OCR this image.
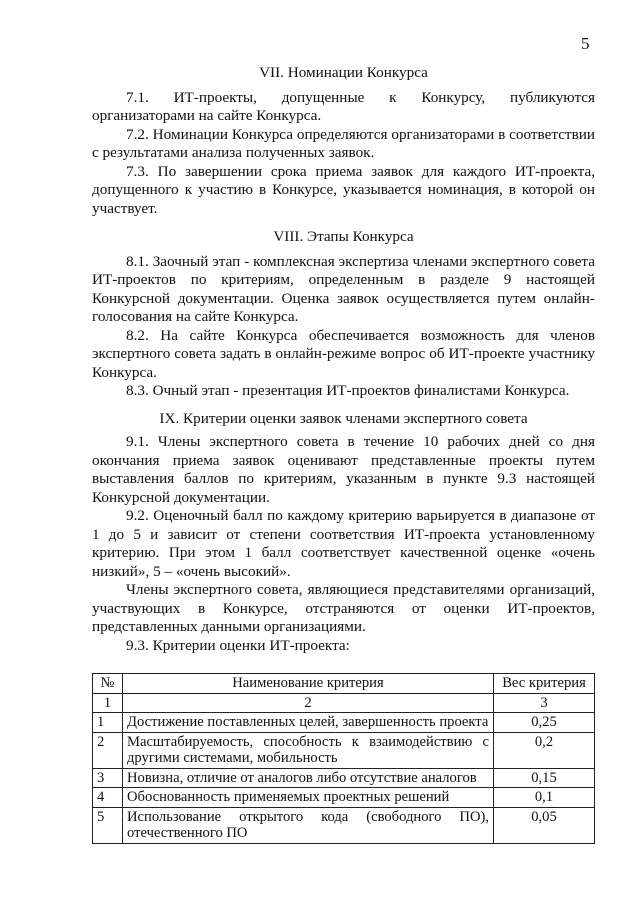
5
VII. Номинации Конкурса

7.1. ИТ-проекты, допущенные к Конкурсу, публикуются организаторами на сайте Конкурса.

7.2. Номинации Конкурса определяются организаторами в соответствии с результатами анализа полученных заявок.

7.3. По завершении срока приема заявок для каждого ИТ-проекта, допущенного к участию в Конкурсе, указывается номинация, в которой он участвует.

VIII. Этапы Конкурса

8.1. Заочный этап - комплексная экспертиза членами экспертного совета ИТ-проектов по критериям, определенным в разделе 9 настоящей Конкурсной документации. Оценка заявок осуществляется путем онлайн-голосования на сайте Конкурса.

8.2. На сайте Конкурса обеспечивается возможность для членов экспертного совета задать в онлайн-режиме вопрос об ИТ-проекте участнику Конкурса.

8.3. Очный этап - презентация ИТ-проектов финалистами Конкурса.

IX. Критерии оценки заявок членами экспертного совета

9.1. Члены экспертного совета в течение 10 рабочих дней со дня окончания приема заявок оценивают представленные проекты путем выставления баллов по критериям, указанным в пункте 9.3 настоящей Конкурсной документации.

9.2. Оценочный балл по каждому критерию варьируется в диапазоне от 1 до 5 и зависит от степени соответствия ИТ-проекта установленному критерию. При этом 1 балл соответствует качественной оценке «очень низкий», 5 – «очень высокий».

Члены экспертного совета, являющиеся представителями организаций, участвующих в Конкурсе, отстраняются от оценки ИТ-проектов, представленных данными организациями.

9.3. Критерии оценки ИТ-проекта:

№	Наименование критерия	Вес критерия
1	2	3
1	Достижение поставленных целей, завершенность проекта	0,25
2	Масштабируемость, способность к взаимодействию с другими системами, мобильность	0,2
3	Новизна, отличие от аналогов либо отсутствие аналогов	0,15
4	Обоснованность применяемых проектных решений	0,1
5	Использование открытого кода (свободного ПО), отечественного ПО	0,05
